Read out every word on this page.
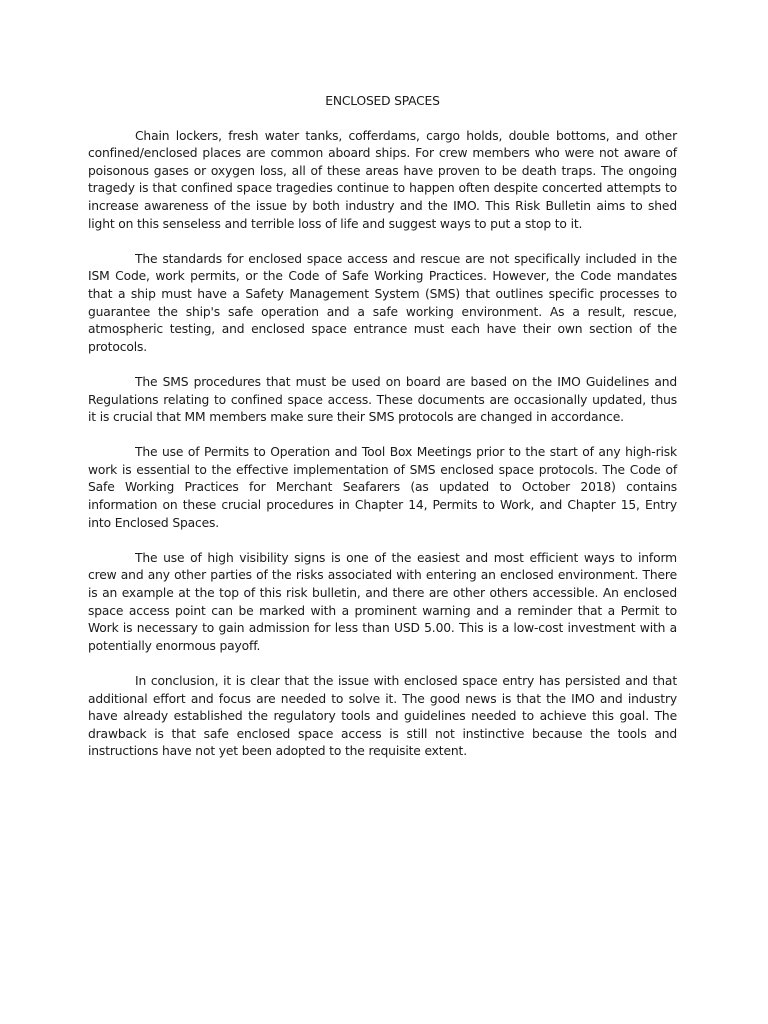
ENCLOSED SPACES

Chain lockers, fresh water tanks, cofferdams, cargo holds, double bottoms, and other confined/enclosed places are common aboard ships. For crew members who were not aware of poisonous gases or oxygen loss, all of these areas have proven to be death traps. The ongoing tragedy is that confined space tragedies continue to happen often despite concerted attempts to increase awareness of the issue by both industry and the IMO. This Risk Bulletin aims to shed light on this senseless and terrible loss of life and suggest ways to put a stop to it.

The standards for enclosed space access and rescue are not specifically included in the ISM Code, work permits, or the Code of Safe Working Practices. However, the Code mandates that a ship must have a Safety Management System (SMS) that outlines specific processes to guarantee the ship's safe operation and a safe working environment. As a result, rescue, atmospheric testing, and enclosed space entrance must each have their own section of the protocols.

The SMS procedures that must be used on board are based on the IMO Guidelines and Regulations relating to confined space access. These documents are occasionally updated, thus it is crucial that MM members make sure their SMS protocols are changed in accordance.

The use of Permits to Operation and Tool Box Meetings prior to the start of any high-risk work is essential to the effective implementation of SMS enclosed space protocols. The Code of Safe Working Practices for Merchant Seafarers (as updated to October 2018) contains information on these crucial procedures in Chapter 14, Permits to Work, and Chapter 15, Entry into Enclosed Spaces.

The use of high visibility signs is one of the easiest and most efficient ways to inform crew and any other parties of the risks associated with entering an enclosed environment. There is an example at the top of this risk bulletin, and there are other others accessible. An enclosed space access point can be marked with a prominent warning and a reminder that a Permit to Work is necessary to gain admission for less than USD 5.00. This is a low-cost investment with a potentially enormous payoff.

In conclusion, it is clear that the issue with enclosed space entry has persisted and that additional effort and focus are needed to solve it. The good news is that the IMO and industry have already established the regulatory tools and guidelines needed to achieve this goal. The drawback is that safe enclosed space access is still not instinctive because the tools and instructions have not yet been adopted to the requisite extent.
